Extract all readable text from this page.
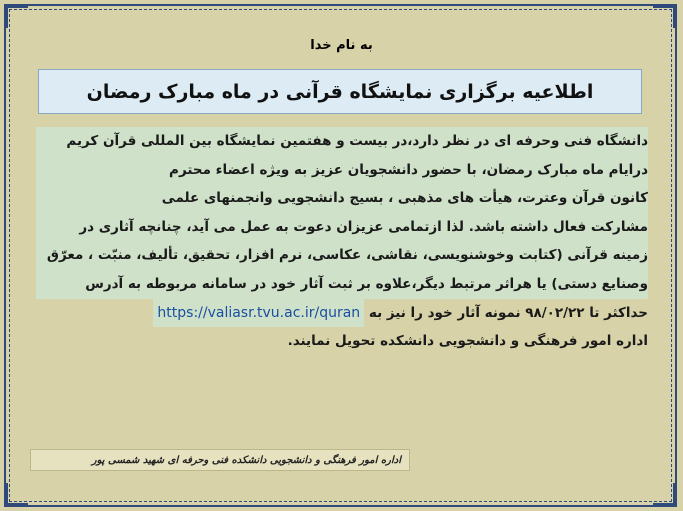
به نام خدا
اطلاعیه برگزاری نمایشگاه قرآنی در ماه مبارک رمضان
دانشگاه فنی وحرفه ای در نظر دارد،در بیست و هفتمین نمایشگاه بین المللی قرآن کریم
درایام ماه مبارک رمضان، با حضور دانشجویان عزیز به ویژه اعضاء محترم
کانون قرآن وعترت، هیأت های مذهبی ، بسیج دانشجویی وانجمنهای علمی
مشارکت فعال داشته باشد. لذا ازتمامی عزیزان دعوت به عمل می آید، چنانچه آثاری در
زمینه قرآنی (کتابت وخوشنویسی، نقاشی، عکاسی، نرم افزار، تحقیق، تألیف، منبّت ، معرّق
وصنایع دستی) یا هراثر مرتبط دیگر،علاوه بر ثبت آثار خود در سامانه مربوطه به آدرس
حداکثر تا ۹۸/۰۲/۲۲ نمونه آثار خود را نیز به https://valiasr.tvu.ac.ir/quran
اداره امور فرهنگی و دانشجویی دانشکده تحویل نمایند.
اداره امور فرهنگی و دانشجویی دانشکده فنی وحرفه ای شهید شمسی پور
